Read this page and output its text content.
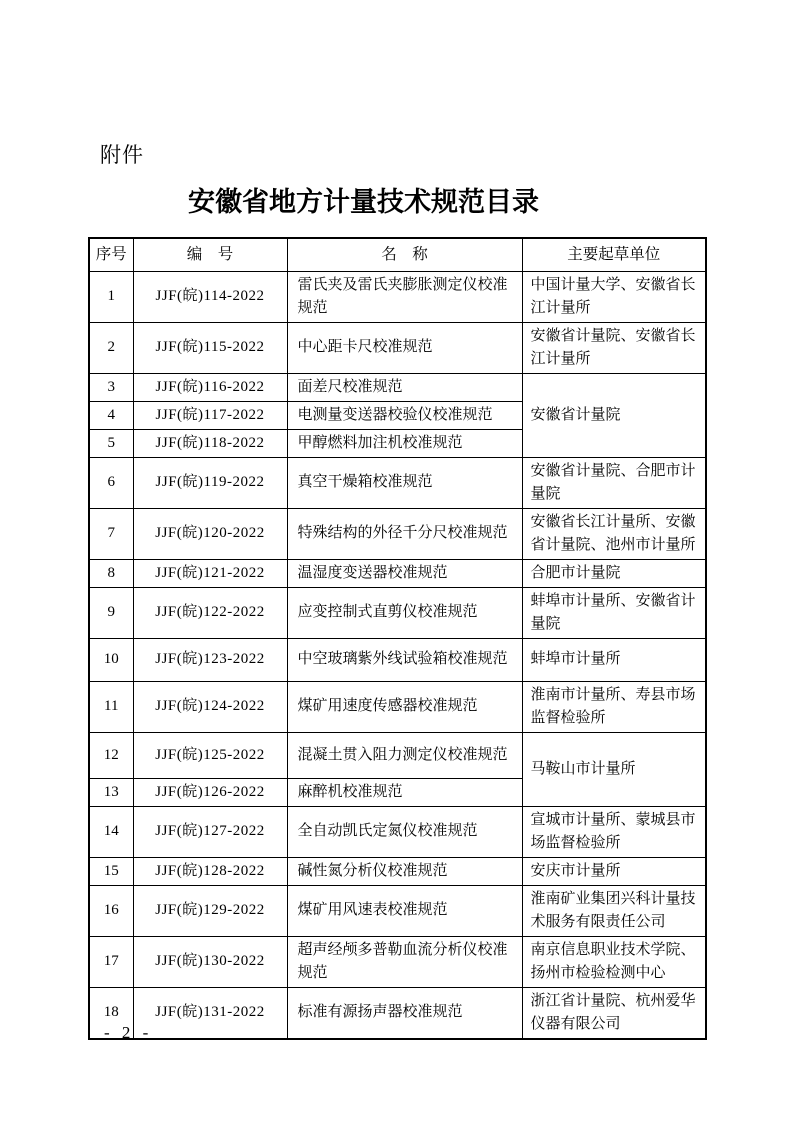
附件
安徽省地方计量技术规范目录
序号	编　号	名　称	主要起草单位
1	JJF(皖)114-2022	雷氏夹及雷氏夹膨胀测定仪校准规范	中国计量大学、安徽省长江计量所
2	JJF(皖)115-2022	中心距卡尺校准规范	安徽省计量院、安徽省长江计量所
3	JJF(皖)116-2022	面差尺校准规范	安徽省计量院
4	JJF(皖)117-2022	电测量变送器校验仪校准规范	
5	JJF(皖)118-2022	甲醇燃料加注机校准规范	
6	JJF(皖)119-2022	真空干燥箱校准规范	安徽省计量院、合肥市计量院
7	JJF(皖)120-2022	特殊结构的外径千分尺校准规范	安徽省长江计量所、安徽省计量院、池州市计量所
8	JJF(皖)121-2022	温湿度变送器校准规范	合肥市计量院
9	JJF(皖)122-2022	应变控制式直剪仪校准规范	蚌埠市计量所、安徽省计量院
10	JJF(皖)123-2022	中空玻璃紫外线试验箱校准规范	蚌埠市计量所
11	JJF(皖)124-2022	煤矿用速度传感器校准规范	淮南市计量所、寿县市场监督检验所
12	JJF(皖)125-2022	混凝土贯入阻力测定仪校准规范	马鞍山市计量所
13	JJF(皖)126-2022	麻醉机校准规范	
14	JJF(皖)127-2022	全自动凯氏定氮仪校准规范	宣城市计量所、蒙城县市场监督检验所
15	JJF(皖)128-2022	碱性氮分析仪校准规范	安庆市计量所
16	JJF(皖)129-2022	煤矿用风速表校准规范	淮南矿业集团兴科计量技术服务有限责任公司
17	JJF(皖)130-2022	超声经颅多普勒血流分析仪校准规范	南京信息职业技术学院、扬州市检验检测中心
18	JJF(皖)131-2022	标准有源扬声器校准规范	浙江省计量院、杭州爱华仪器有限公司
- 2 -
